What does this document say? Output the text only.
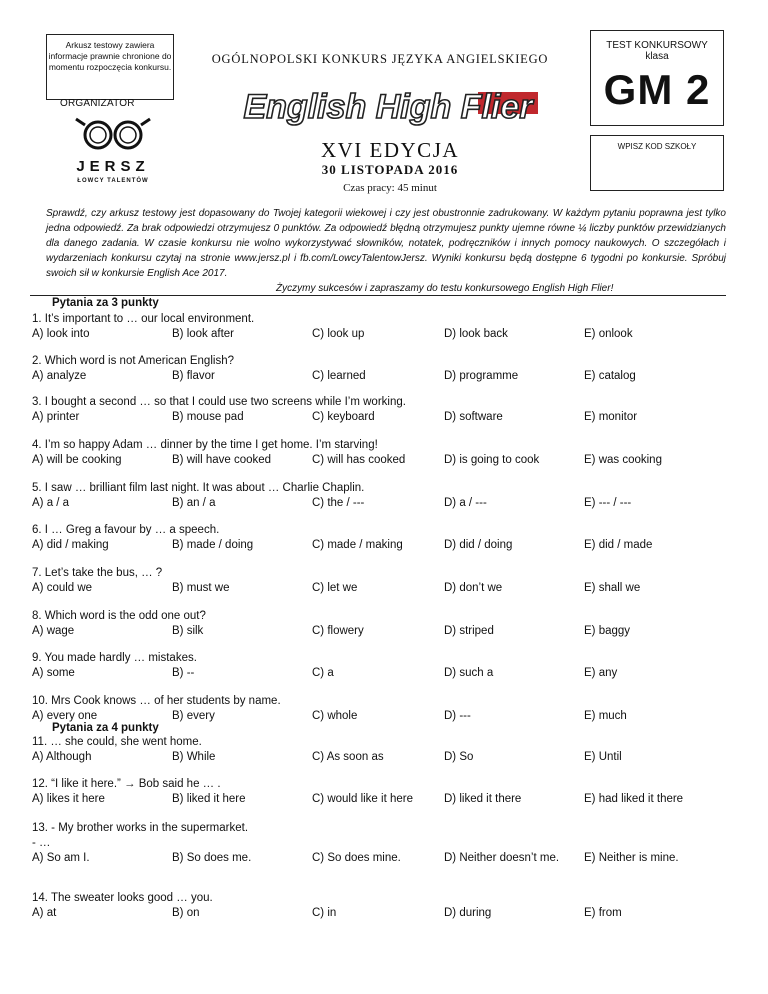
Arkusz testowy zawiera informacje prawnie chronione do momentu rozpoczęcia konkursu.
ORGANIZATOR
JERSZ
ŁOWCY TALENTÓW
OGÓLNOPOLSKI KONKURS JĘZYKA ANGIELSKIEGO
English High Flier
XVI EDYCJA
30 LISTOPADA 2016
Czas pracy: 45 minut
TEST KONKURSOWY
klasa
GM 2
WPISZ KOD SZKOŁY
Sprawdź, czy arkusz testowy jest dopasowany do Twojej kategorii wiekowej i czy jest obustronnie zadrukowany. W każdym pytaniu poprawna jest tylko jedna odpowiedź. Za brak odpowiedzi otrzymujesz 0 punktów. Za odpowiedź błędną otrzymujesz punkty ujemne równe ¼ liczby punktów przewidzianych dla danego zadania. W czasie konkursu nie wolno wykorzystywać słowników, notatek, podręczników i innych pomocy naukowych. O szczegółach i wydarzeniach konkursu czytaj na stronie www.jersz.pl i fb.com/LowcyTalentowJersz. Wyniki konkursu będą dostępne 6 tygodni po konkursie. Spróbuj swoich sił w konkursie English Ace 2017.
Życzymy sukcesów i zapraszamy do testu konkursowego English High Flier!
Pytania za 3 punkty
Pytania za 4 punkty
1. It’s important to … our local environment.
A) look into	B) look after	C) look up	D) look back	E) onlook
2. Which word is not American English?
A) analyze	B) flavor	C) learned	D) programme	E) catalog
3. I bought a second … so that I could use two screens while I’m working.
A) printer	B) mouse pad	C) keyboard	D) software	E) monitor
4. I’m so happy Adam … dinner by the time I get home. I’m starving!
A) will be cooking	B) will have cooked	C) will has cooked	D) is going to cook	E) was cooking
5. I saw … brilliant film last night. It was about … Charlie Chaplin.
A) a / a	B) an / a	C) the / ---	D) a / ---	E) --- / ---
6. I … Greg a favour by … a speech.
A) did / making	B) made / doing	C) made / making	D) did / doing	E) did / made
7. Let’s take the bus, … ?
A) could we	B) must we	C) let we	D) don’t we	E) shall we
8. Which word is the odd one out?
A) wage	B) silk	C) flowery	D) striped	E) baggy
9. You made hardly … mistakes.
A) some	B) --	C) a	D) such a	E) any
10. Mrs Cook knows … of her students by name.
A) every one	B) every	C) whole	D) ---	E) much
11. … she could, she went home.
A) Although	B) While	C) As soon as	D) So	E) Until
12. “I like it here.” → Bob said he … .
A) likes it here	B) liked it here	C) would like it here	D) liked it there	E) had liked it there
13. - My brother works in the supermarket.
- …
A) So am I.	B) So does me.	C) So does mine.	D) Neither doesn’t me. E) Neither is mine.
14. The sweater looks good … you.
A) at	B) on	C) in	D) during	E) from
